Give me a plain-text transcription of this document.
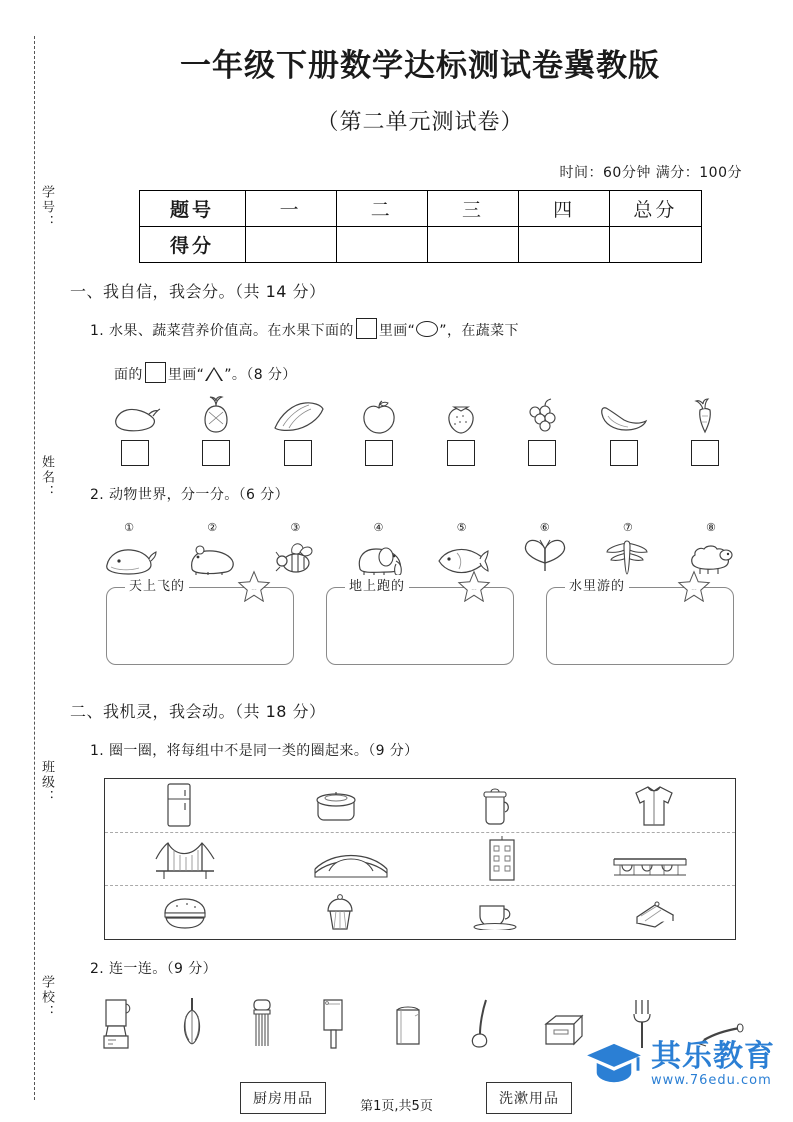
学号：
姓名：
班级：
学校：
一年级下册数学达标测试卷冀教版
（第二单元测试卷）
时间：60分钟 满分：100分
题号	一	二	三	四	总分
得分					
一、我自信，我会分。（共 14 分）
1. 水果、蔬菜营养价值高。在水果下面的 里画“ ”，在蔬菜下
面的 里画“ ”。（8 分）
2. 动物世界，分一分。（6 分）
①	②	③	④	⑤	⑥	⑦	⑧
天上飞的	···	地上跑的	···	水里游的	···
二、我机灵，我会动。（共 18 分）
1. 圈一圈，将每组中不是同一类的圈起来。（9 分）
2. 连一连。（9 分）
厨房用品	洗漱用品
第1页,共5页
其乐教育
www.76edu.com
